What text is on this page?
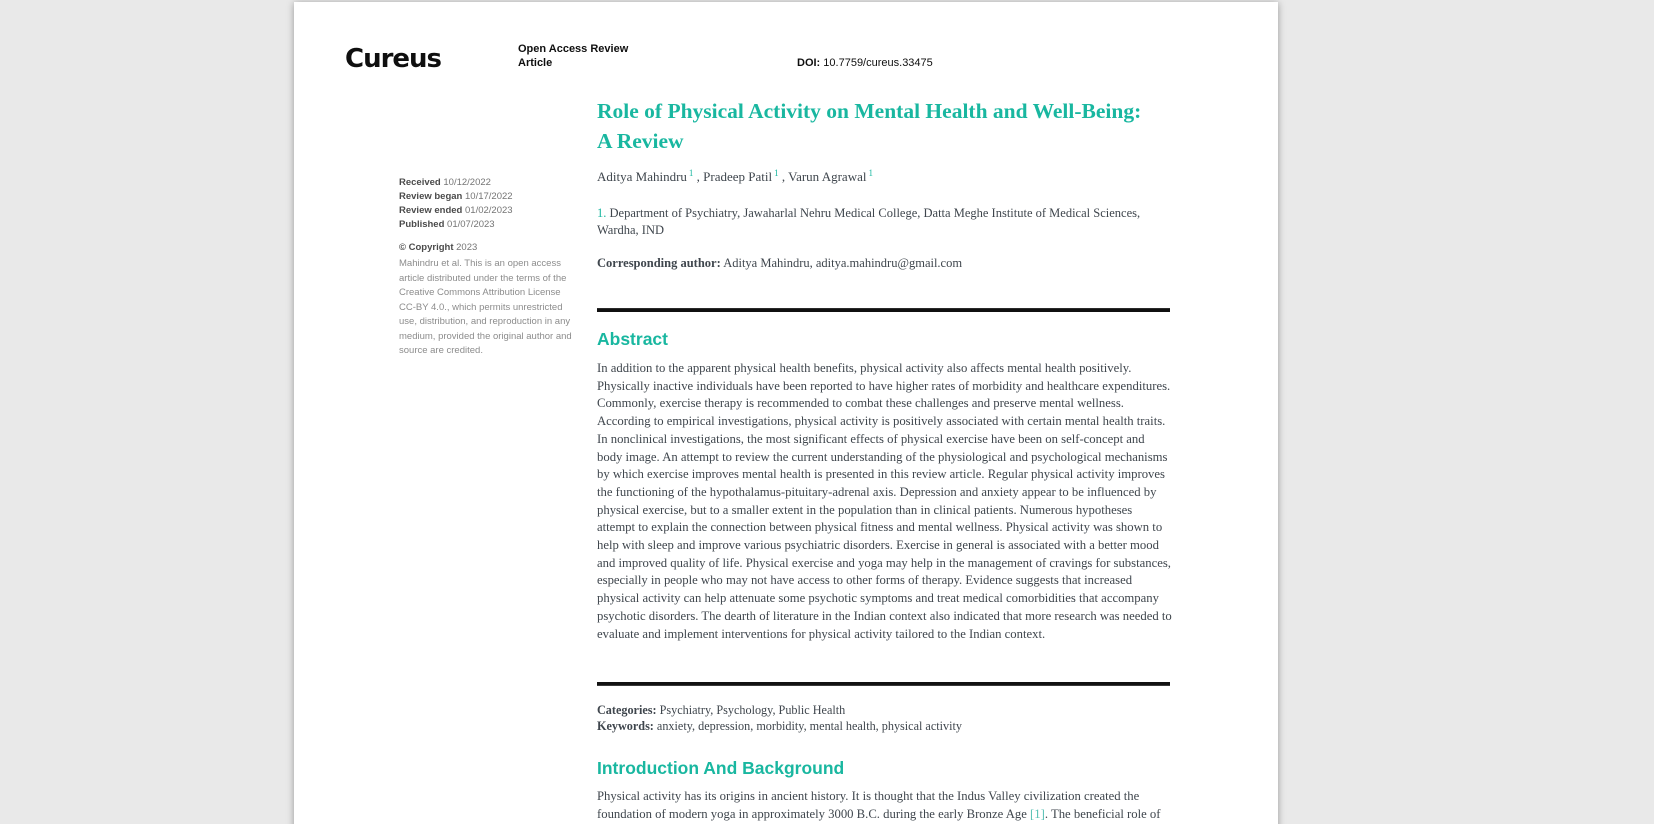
Cureus	Open Access Review Article	DOI: 10.7759/cureus.33475
Received 10/12/2022
Review began 10/17/2022
Review ended 01/02/2023
Published 01/07/2023
© Copyright 2023
Mahindru et al. This is an open access article distributed under the terms of the Creative Commons Attribution License CC-BY 4.0., which permits unrestricted use, distribution, and reproduction in any medium, provided the original author and source are credited.
Role of Physical Activity on Mental Health and Well-Being: A Review
Aditya Mahindru $^1$ , Pradeep Patil $^1$ , Varun Agrawal $^1$
1. Department of Psychiatry, Jawaharlal Nehru Medical College, Datta Meghe Institute of Medical Sciences, Wardha, IND
Corresponding author: Aditya Mahindru, aditya.mahindru@gmail.com
Abstract

In addition to the apparent physical health benefits, physical activity also affects mental health positively. Physically inactive individuals have been reported to have higher rates of morbidity and healthcare expenditures. Commonly, exercise therapy is recommended to combat these challenges and preserve mental wellness. According to empirical investigations, physical activity is positively associated with certain mental health traits. In nonclinical investigations, the most significant effects of physical exercise have been on self-concept and body image. An attempt to review the current understanding of the physiological and psychological mechanisms by which exercise improves mental health is presented in this review article. Regular physical activity improves the functioning of the hypothalamus-pituitary-adrenal axis. Depression and anxiety appear to be influenced by physical exercise, but to a smaller extent in the population than in clinical patients. Numerous hypotheses attempt to explain the connection between physical fitness and mental wellness. Physical activity was shown to help with sleep and improve various psychiatric disorders. Exercise in general is associated with a better mood and improved quality of life. Physical exercise and yoga may help in the management of cravings for substances, especially in people who may not have access to other forms of therapy. Evidence suggests that increased physical activity can help attenuate some psychotic symptoms and treat medical comorbidities that accompany psychotic disorders. The dearth of literature in the Indian context also indicated that more research was needed to evaluate and implement interventions for physical activity tailored to the Indian context.

Categories: Psychiatry, Psychology, Public Health
Keywords: anxiety, depression, morbidity, mental health, physical activity
Introduction And Background

Physical activity has its origins in ancient history. It is thought that the Indus Valley civilization created the foundation of modern yoga in approximately 3000 B.C. during the early Bronze Age [1]. The beneficial role of
